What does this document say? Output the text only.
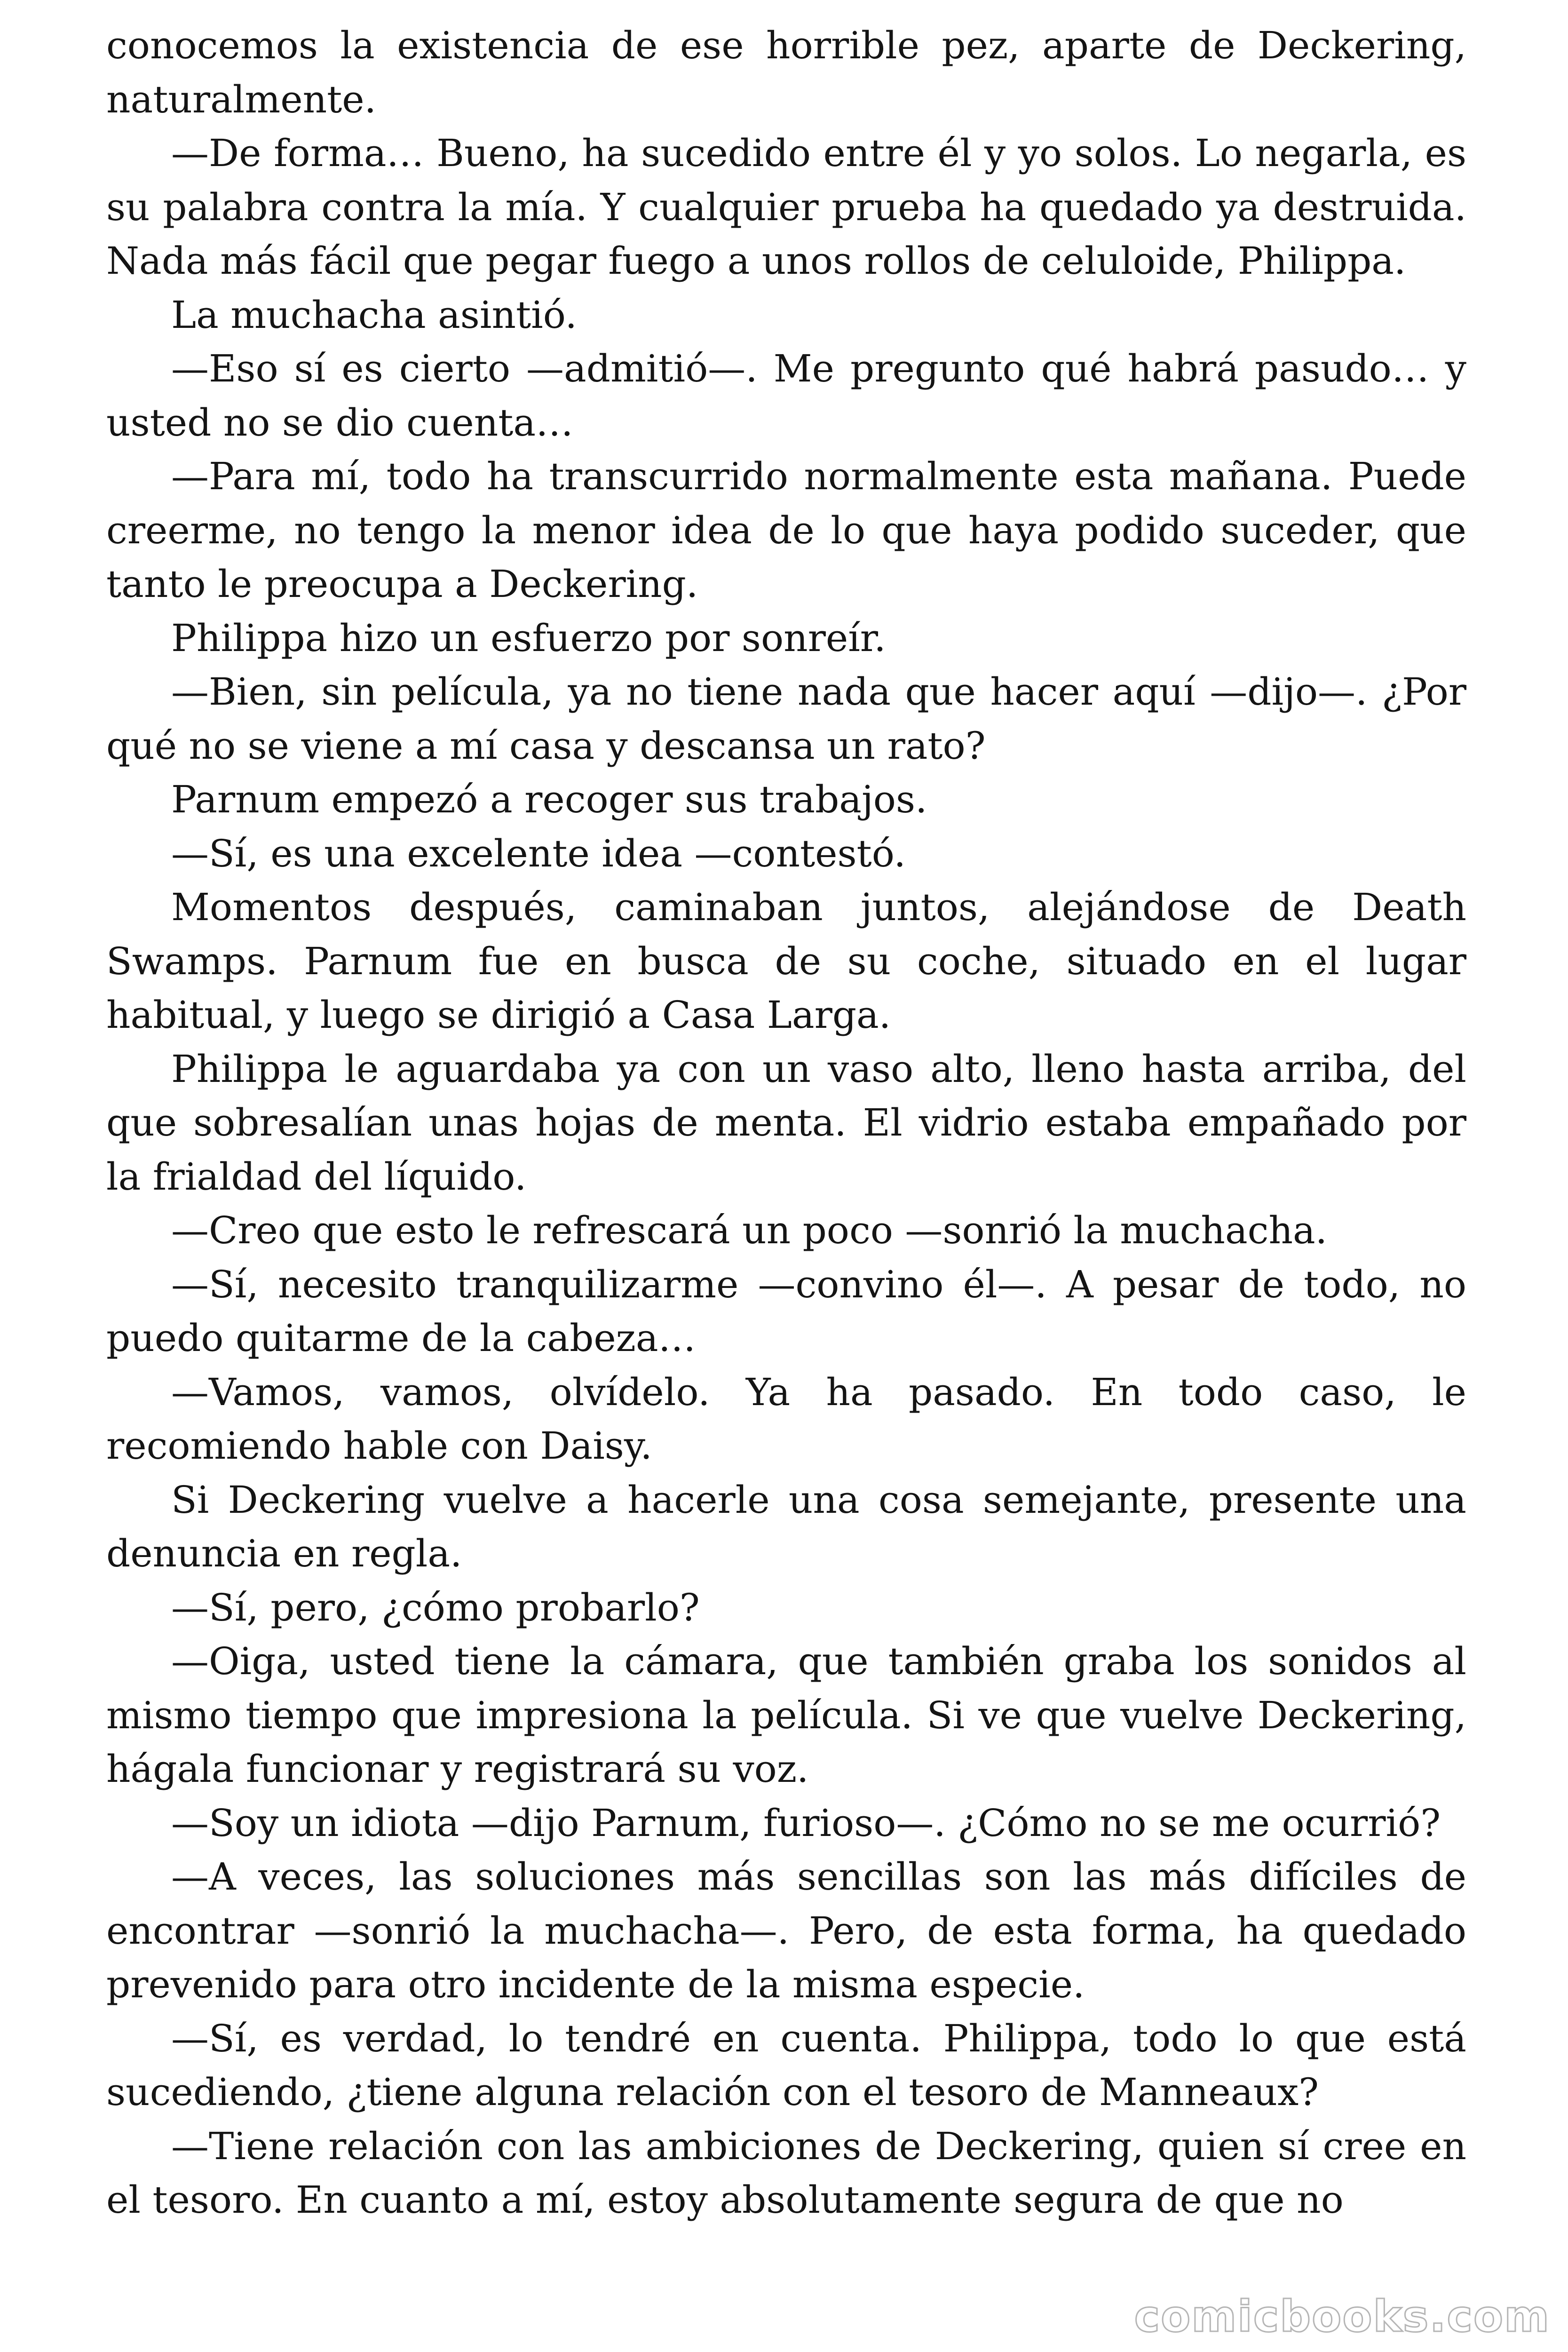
conocemos la existencia de ese horrible pez, aparte de Deckering, naturalmente.

—De forma… Bueno, ha sucedido entre él y yo solos. Lo negarla, es su palabra contra la mía. Y cualquier prueba ha quedado ya destruida. Nada más fácil que pegar fuego a unos rollos de celuloide, Philippa.

La muchacha asintió.

—Eso sí es cierto —admitió—. Me pregunto qué habrá pasudo… y usted no se dio cuenta…

—Para mí, todo ha transcurrido normalmente esta mañana. Puede creerme, no tengo la menor idea de lo que haya podido suceder, que tanto le preocupa a Deckering.

Philippa hizo un esfuerzo por sonreír.

—Bien, sin película, ya no tiene nada que hacer aquí —dijo—. ¿Por qué no se viene a mí casa y descansa un rato?

Parnum empezó a recoger sus trabajos.

—Sí, es una excelente idea —contestó.

Momentos después, caminaban juntos, alejándose de Death Swamps. Parnum fue en busca de su coche, situado en el lugar habitual, y luego se dirigió a Casa Larga.

Philippa le aguardaba ya con un vaso alto, lleno hasta arriba, del que sobresalían unas hojas de menta. El vidrio estaba empañado por la frialdad del líquido.

—Creo que esto le refrescará un poco —sonrió la muchacha.

—Sí, necesito tranquilizarme —convino él—. A pesar de todo, no puedo quitarme de la cabeza…

—Vamos, vamos, olvídelo. Ya ha pasado. En todo caso, le recomiendo hable con Daisy.

Si Deckering vuelve a hacerle una cosa semejante, presente una denuncia en regla.

—Sí, pero, ¿cómo probarlo?

—Oiga, usted tiene la cámara, que también graba los sonidos al mismo tiempo que impresiona la película. Si ve que vuelve Deckering, hágala funcionar y registrará su voz.

—Soy un idiota —dijo Parnum, furioso—. ¿Cómo no se me ocurrió?

—A veces, las soluciones más sencillas son las más difíciles de encontrar —sonrió la muchacha—. Pero, de esta forma, ha quedado prevenido para otro incidente de la misma especie.

—Sí, es verdad, lo tendré en cuenta. Philippa, todo lo que está sucediendo, ¿tiene alguna relación con el tesoro de Manneaux?

—Tiene relación con las ambiciones de Deckering, quien sí cree en el tesoro. En cuanto a mí, estoy absolutamente segura de que no

comicbooks.com
